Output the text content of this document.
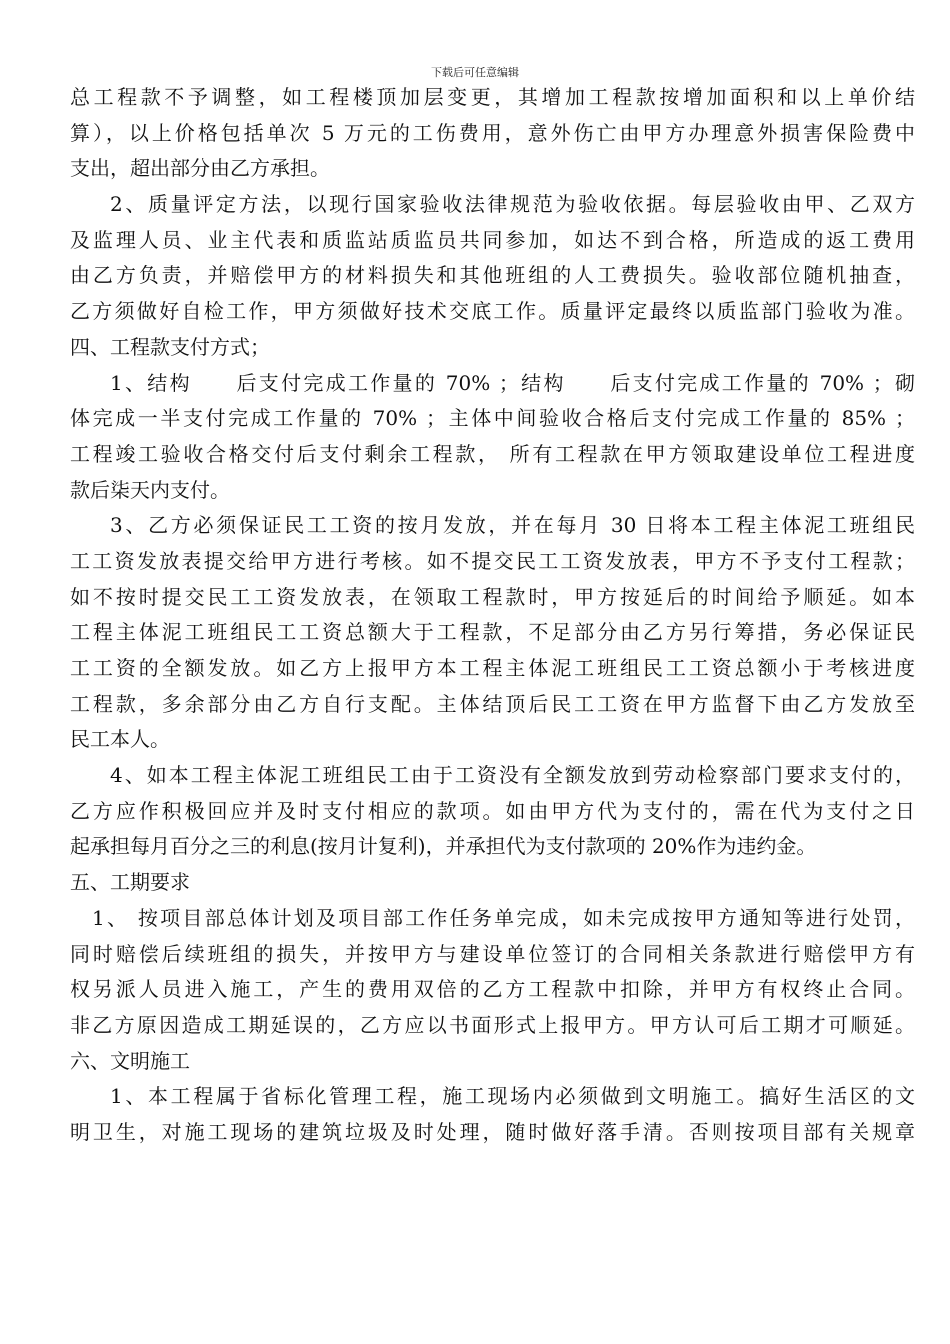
下载后可任意编辑
总工程款不予调整，如工程楼顶加层变更，其增加工程款按增加面积和以上单价结
算），以上价格包括单次 5 万元的工伤费用，意外伤亡由甲方办理意外损害保险费中
支出，超出部分由乙方承担。
2、质量评定方法，以现行国家验收法律规范为验收依据。每层验收由甲、乙双方
及监理人员、业主代表和质监站质监员共同参加，如达不到合格，所造成的返工费用
由乙方负责，并赔偿甲方的材料损失和其他班组的人工费损失。验收部位随机抽查，
乙方须做好自检工作，甲方须做好技术交底工作。质量评定最终以质监部门验收为准。
四、工程款支付方式；
1、结构　　后支付完成工作量的 70% ；结构　　后支付完成工作量的 70% ；砌
体完成一半支付完成工作量的 70% ；主体中间验收合格后支付完成工作量的 85% ；
工程竣工验收合格交付后支付剩余工程款， 所有工程款在甲方领取建设单位工程进度
款后柒天内支付。
3、乙方必须保证民工工资的按月发放，并在每月 30 日将本工程主体泥工班组民
工工资发放表提交给甲方进行考核。如不提交民工工资发放表，甲方不予支付工程款；
如不按时提交民工工资发放表，在领取工程款时，甲方按延后的时间给予顺延。如本
工程主体泥工班组民工工资总额大于工程款，不足部分由乙方另行筹措，务必保证民
工工资的全额发放。如乙方上报甲方本工程主体泥工班组民工工资总额小于考核进度
工程款，多余部分由乙方自行支配。主体结顶后民工工资在甲方监督下由乙方发放至
民工本人。
4、如本工程主体泥工班组民工由于工资没有全额发放到劳动检察部门要求支付的，
乙方应作积极回应并及时支付相应的款项。如由甲方代为支付的，需在代为支付之日
起承担每月百分之三的利息(按月计复利)，并承担代为支付款项的 20%作为违约金。
五、工期要求
1、 按项目部总体计划及项目部工作任务单完成，如未完成按甲方通知等进行处罚，
同时赔偿后续班组的损失，并按甲方与建设单位签订的合同相关条款进行赔偿甲方有
权另派人员进入施工，产生的费用双倍的乙方工程款中扣除，并甲方有权终止合同。
非乙方原因造成工期延误的，乙方应以书面形式上报甲方。甲方认可后工期才可顺延。
六、文明施工
1、本工程属于省标化管理工程，施工现场内必须做到文明施工。搞好生活区的文
明卫生，对施工现场的建筑垃圾及时处理，随时做好落手清。否则按项目部有关规章
